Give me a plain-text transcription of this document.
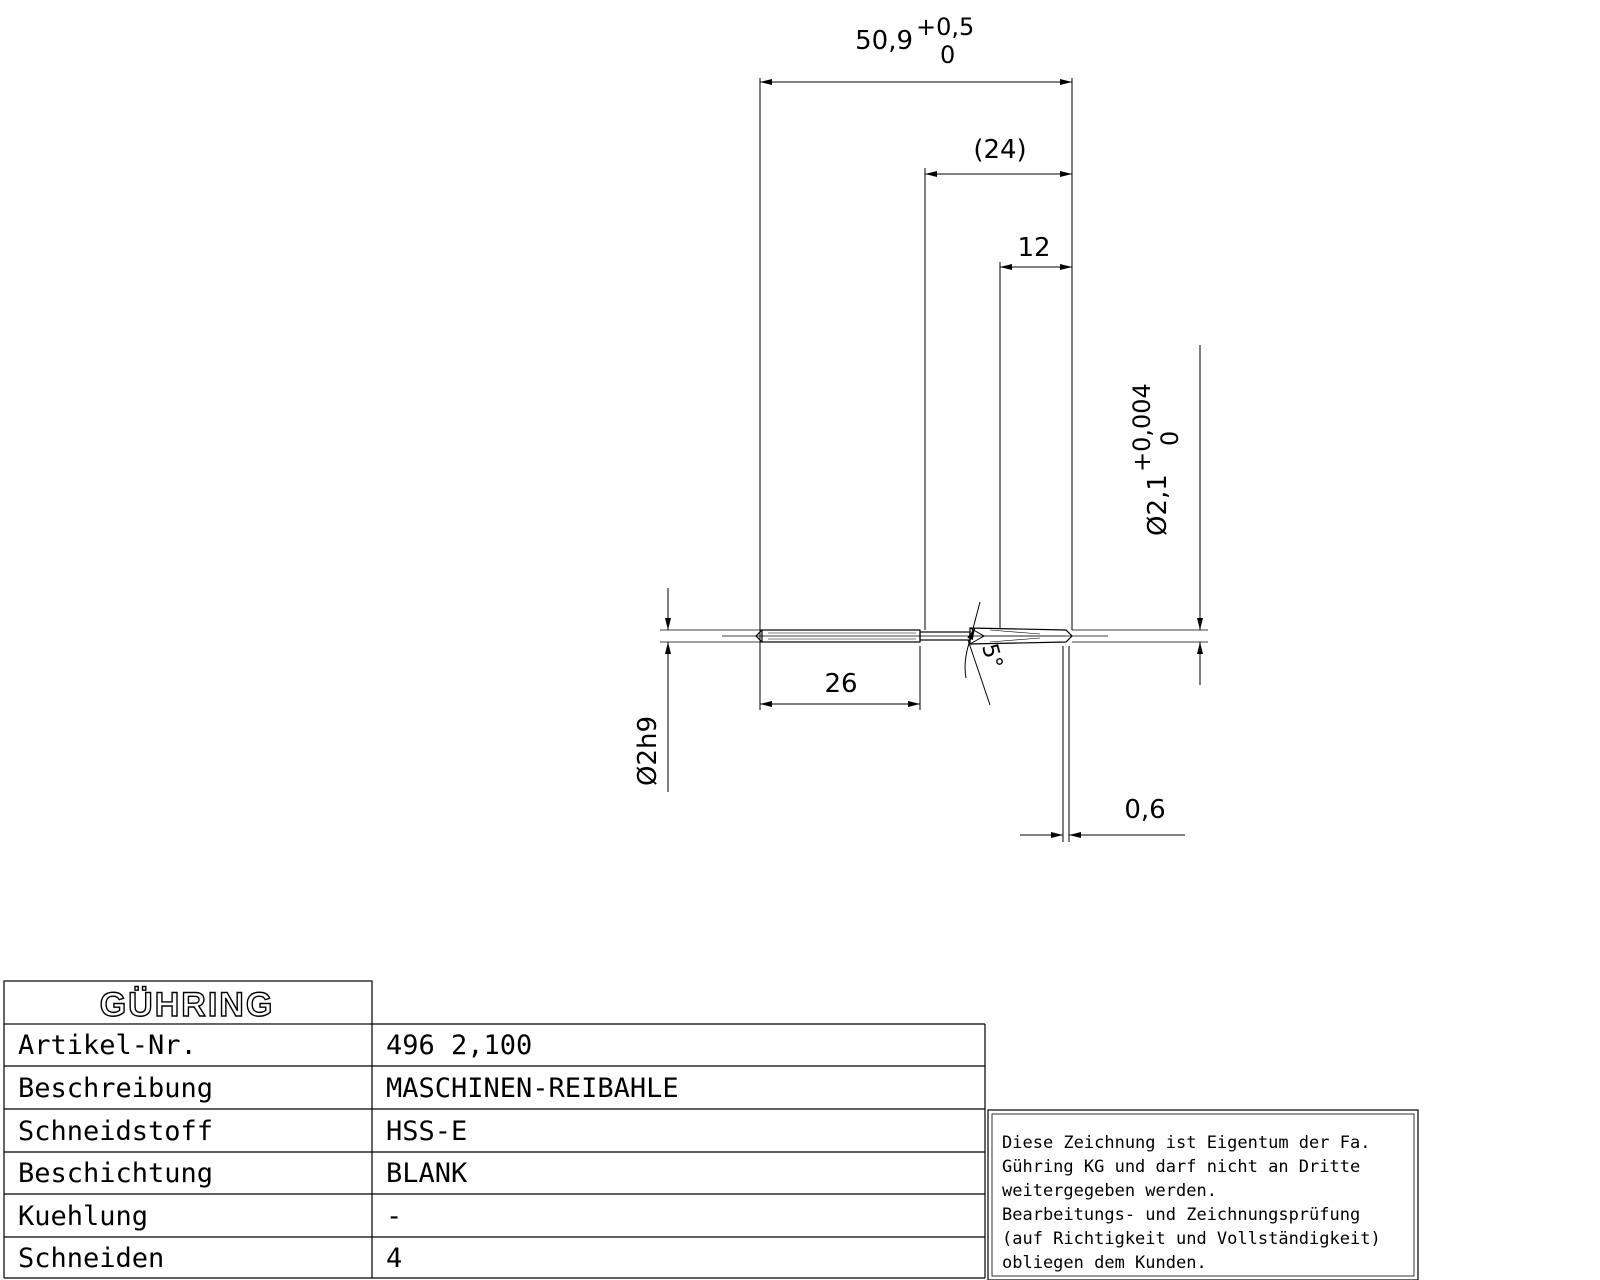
50,9 +0,5
0
(24)
12
26
0,6
Ø2h9
Ø2,1
+0,004 0
5°
GÜHRING
Artikel-Nr.	496 2,100
Beschreibung	MASCHINEN-REIBAHLE
Schneidstoff	HSS-E
Beschichtung	BLANK
Kuehlung	-
Schneiden	4
Diese Zeichnung ist Eigentum der Fa.
Gühring KG und darf nicht an Dritte
weitergegeben werden.
Bearbeitungs- und Zeichnungsprüfung
(auf Richtigkeit und Vollständigkeit)
obliegen dem Kunden.
